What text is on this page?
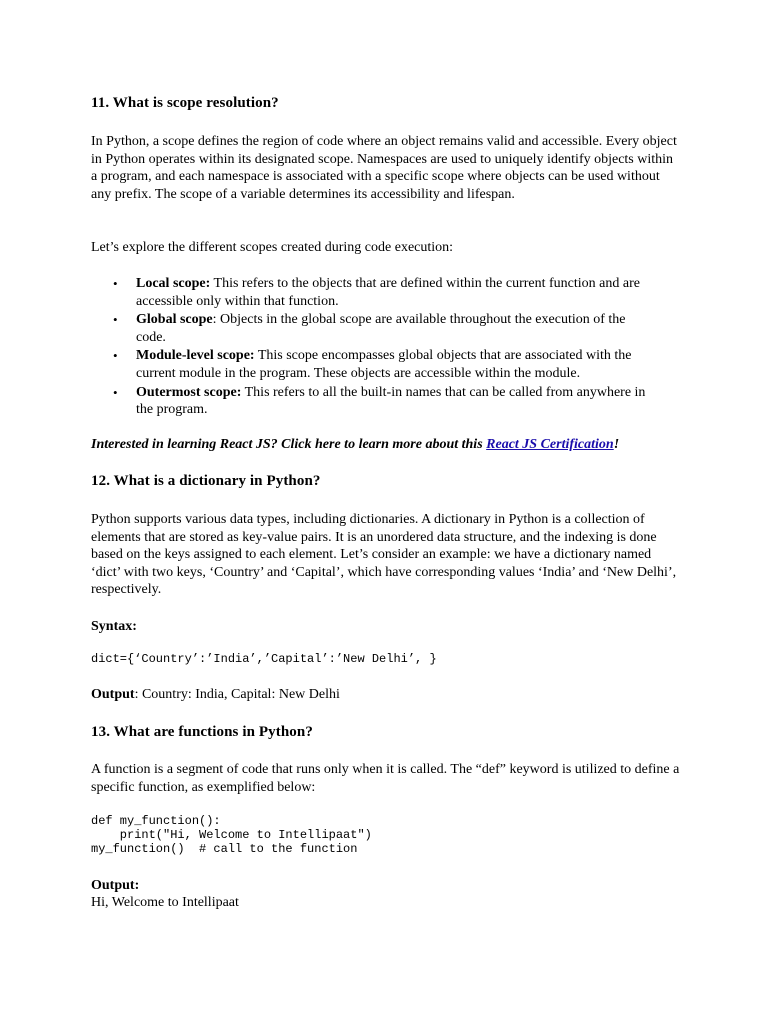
11. What is scope resolution?

In Python, a scope defines the region of code where an object remains valid and accessible. Every object in Python operates within its designated scope. Namespaces are used to uniquely identify objects within a program, and each namespace is associated with a specific scope where objects can be used without any prefix. The scope of a variable determines its accessibility and lifespan.

Let’s explore the different scopes created during code execution:

• Local scope: This refers to the objects that are defined within the current function and are accessible only within that function.
• Global scope: Objects in the global scope are available throughout the execution of the code.
• Module-level scope: This scope encompasses global objects that are associated with the current module in the program. These objects are accessible within the module.
• Outermost scope: This refers to all the built-in names that can be called from anywhere in the program.

Interested in learning React JS? Click here to learn more about this React JS Certification!

12. What is a dictionary in Python?

Python supports various data types, including dictionaries. A dictionary in Python is a collection of elements that are stored as key-value pairs. It is an unordered data structure, and the indexing is done based on the keys assigned to each element. Let’s consider an example: we have a dictionary named ‘dict’ with two keys, ‘Country’ and ‘Capital’, which have corresponding values ‘India’ and ‘New Delhi’, respectively.

Syntax:

dict={‘Country’:’India’,’Capital’:’New Delhi’, }

Output: Country: India, Capital: New Delhi

13. What are functions in Python?

A function is a segment of code that runs only when it is called. The “def” keyword is utilized to define a specific function, as exemplified below:

def my_function():
print("Hi, Welcome to Intellipaat")
my_function()  # call to the function

Output:

Hi, Welcome to Intellipaat
